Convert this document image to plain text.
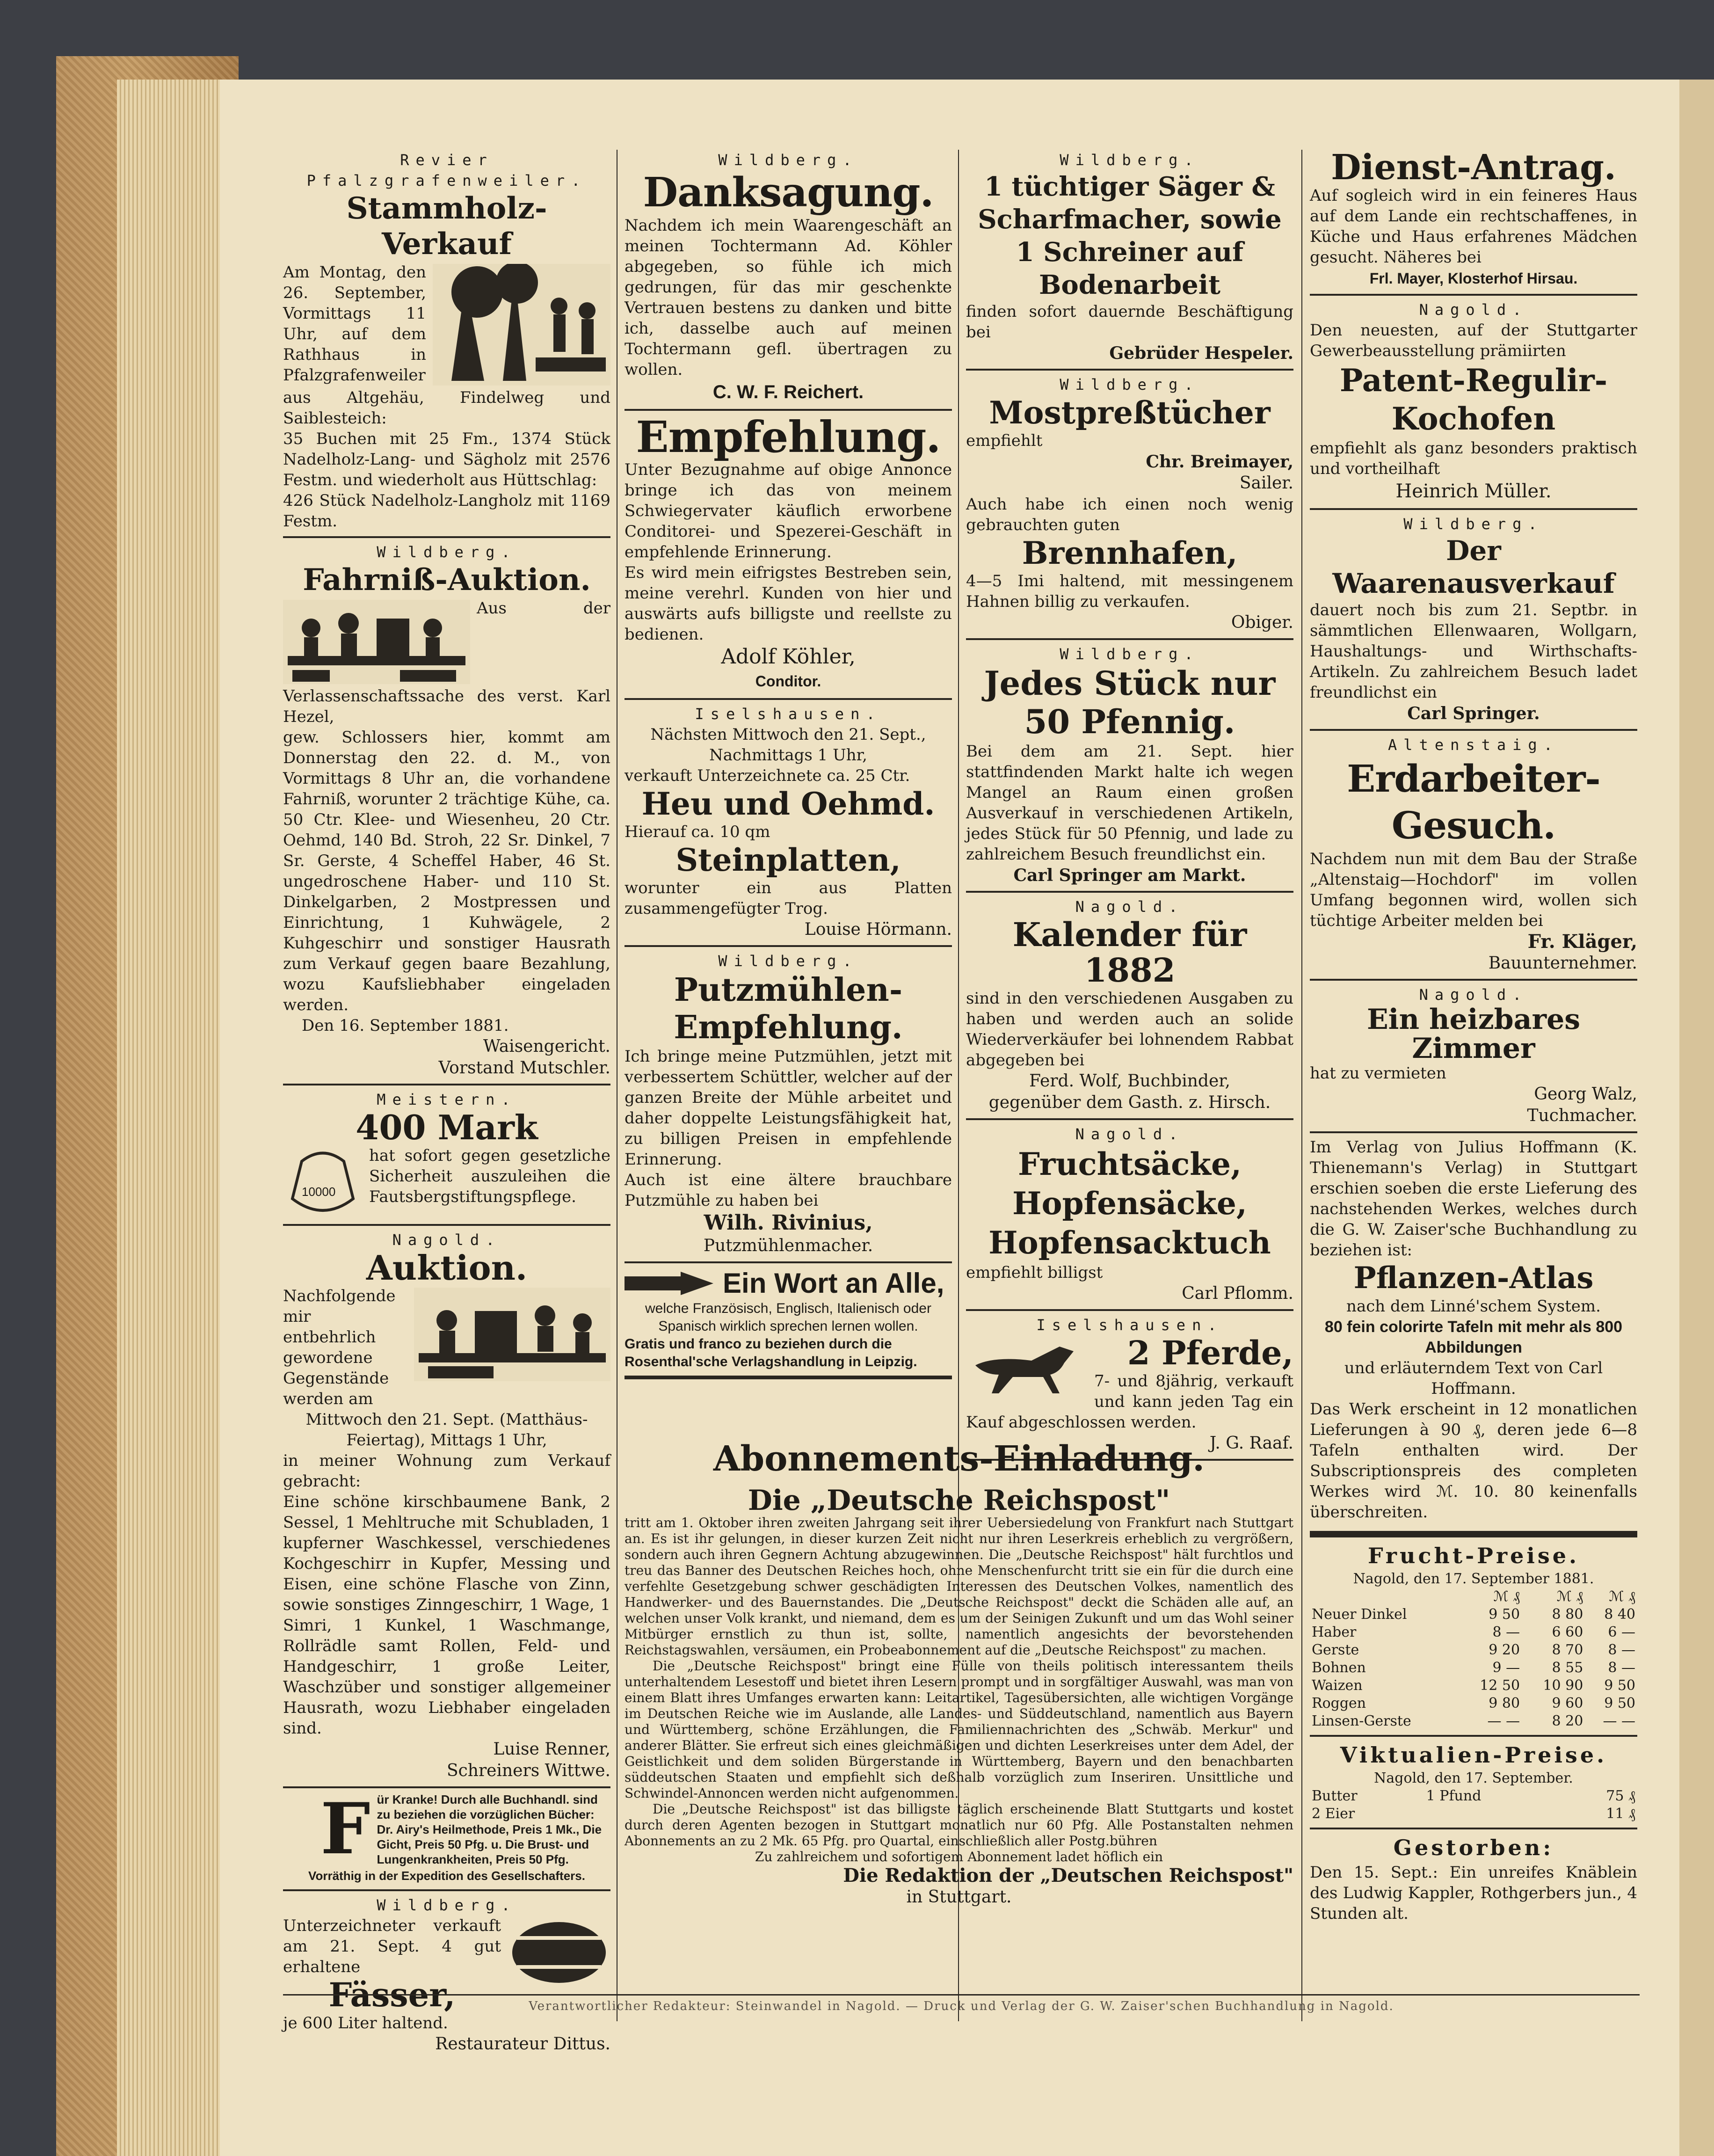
Revier Pfalzgrafenweiler.
Stammholz-Verkauf
Am Montag, den 26. September, Vormittags 11 Uhr, auf dem Rathhaus in Pfalzgrafenweiler
aus Altgehäu, Findelweg und Saiblesteich:
35 Buchen mit 25 Fm., 1374 Stück Nadelholz-Lang- und Sägholz mit 2576 Festm. und wiederholt aus Hüttschlag:
426 Stück Nadelholz-Langholz mit 1169 Festm.
Wildberg.
Fahrniß-Auktion.
Aus der Verlassenschaftssache des verst. Karl Hezel,
gew. Schlossers hier, kommt am Donnerstag den 22. d. M., von Vormittags 8 Uhr an, die vorhandene Fahrniß, worunter 2 trächtige Kühe, ca. 50 Ctr. Klee- und Wiesenheu, 20 Ctr. Oehmd, 140 Bd. Stroh, 22 Sr. Dinkel, 7 Sr. Gerste, 4 Scheffel Haber, 46 St. ungedroschene Haber- und 110 St. Dinkelgarben, 2 Mostpressen und Einrichtung, 1 Kuhwägele, 2 Kuhgeschirr und sonstiger Hausrath zum Verkauf gegen baare Bezahlung, wozu Kaufsliebhaber eingeladen werden.
Den 16. September 1881.
Waisengericht.
Vorstand Mutschler.
Meistern.
400 Mark
10000
hat sofort gegen gesetzliche Sicherheit auszuleihen die Fautsbergstiftungspflege.
Nagold.
Auktion.
Nachfolgende mir entbehrlich gewordene Gegenstände werden am
Mittwoch den 21. Sept. (Matthäus-Feiertag), Mittags 1 Uhr,
in meiner Wohnung zum Verkauf gebracht:
Eine schöne kirschbaumene Bank, 2 Sessel, 1 Mehltruche mit Schubladen, 1 kupferner Waschkessel, verschiedenes Kochgeschirr in Kupfer, Messing und Eisen, eine schöne Flasche von Zinn, sowie sonstiges Zinngeschirr, 1 Wage, 1 Simri, 1 Kunkel, 1 Waschmange, Rollrädle samt Rollen, Feld- und Handgeschirr, 1 große Leiter, Waschzüber und sonstiger allgemeiner Hausrath, wozu Liebhaber eingeladen sind.
Luise Renner,
Schreiners Wittwe.
F ür Kranke! Durch alle Buchhandl. sind zu beziehen die vorzüglichen Bücher: Dr. Airy's Heilmethode, Preis 1 Mk., Die Gicht, Preis 50 Pfg. u. Die Brust- und Lungenkrankheiten, Preis 50 Pfg.
Vorräthig in der Expedition des Gesellschafters.
Wildberg.
Unterzeichneter verkauft am 21. Sept. 4 gut erhaltene
Fässer,
je 600 Liter haltend.
Restaurateur Dittus.
Wildberg.
Danksagung.
Nachdem ich mein Waarengeschäft an meinen Tochtermann Ad. Köhler abgegeben, so fühle ich mich gedrungen, für das mir geschenkte Vertrauen bestens zu danken und bitte ich, dasselbe auch auf meinen Tochtermann gefl. übertragen zu wollen.
C. W. F. Reichert.
Empfehlung.
Unter Bezugnahme auf obige Annonce bringe ich das von meinem Schwiegervater käuflich erworbene Conditorei- und Spezerei-Geschäft in empfehlende Erinnerung.
Es wird mein eifrigstes Bestreben sein, meine verehrl. Kunden von hier und auswärts aufs billigste und reellste zu bedienen.
Adolf Köhler,
Conditor.
Iselshausen.
Nächsten Mittwoch den 21. Sept., Nachmittags 1 Uhr,
verkauft Unterzeichnete ca. 25 Ctr.
Heu und Oehmd.
Hierauf ca. 10 qm
Steinplatten,
worunter ein aus Platten zusammengefügter Trog.
Louise Hörmann.
Wildberg.
Putzmühlen-Empfehlung.
Ich bringe meine Putzmühlen, jetzt mit verbessertem Schüttler, welcher auf der ganzen Breite der Mühle arbeitet und daher doppelte Leistungsfähigkeit hat, zu billigen Preisen in empfehlende Erinnerung.
Auch ist eine ältere brauchbare Putzmühle zu haben bei
Wilh. Rivinius,
Putzmühlenmacher.
Ein Wort an Alle,
welche Französisch, Englisch, Italienisch oder Spanisch wirklich sprechen lernen wollen.
Gratis und franco zu beziehen durch die Rosenthal'sche Verlagshandlung in Leipzig.
Wildberg.
1 tüchtiger Säger & Scharfmacher, sowie 1 Schreiner auf Bodenarbeit
finden sofort dauernde Beschäftigung bei
Gebrüder Hespeler.
Wildberg.
Mostpreßtücher
empfiehlt
Chr. Breimayer,
Sailer.
Auch habe ich einen noch wenig gebrauchten guten
Brennhafen,
4—5 Imi haltend, mit messingenem Hahnen billig zu verkaufen.
Obiger.
Wildberg.
Jedes Stück nur 50 Pfennig.
Bei dem am 21. Sept. hier stattfindenden Markt halte ich wegen Mangel an Raum einen großen Ausverkauf in verschiedenen Artikeln, jedes Stück für 50 Pfennig, und lade zu zahlreichem Besuch freundlichst ein.
Carl Springer am Markt.
Nagold.
Kalender für 1882
sind in den verschiedenen Ausgaben zu haben und werden auch an solide Wiederverkäufer bei lohnendem Rabbat abgegeben bei
Ferd. Wolf, Buchbinder,
gegenüber dem Gasth. z. Hirsch.
Nagold.
Fruchtsäcke, Hopfensäcke, Hopfensacktuch
empfiehlt billigst
Carl Pflomm.
Iselshausen.
2 Pferde,
7- und 8jährig, verkauft und kann jeden Tag ein Kauf abgeschlossen werden.
J. G. Raaf.
Dienst-Antrag.
Auf sogleich wird in ein feineres Haus auf dem Lande ein rechtschaffenes, in Küche und Haus erfahrenes Mädchen gesucht. Näheres bei
Frl. Mayer, Klosterhof Hirsau.
Nagold.
Den neuesten, auf der Stuttgarter Gewerbeausstellung prämiirten
Patent-Regulir-Kochofen
empfiehlt als ganz besonders praktisch und vortheilhaft
Heinrich Müller.
Wildberg.
Der Waarenausverkauf
dauert noch bis zum 21. Septbr. in sämmtlichen Ellenwaaren, Wollgarn, Haushaltungs- und Wirthschafts-Artikeln. Zu zahlreichem Besuch ladet freundlichst ein
Carl Springer.
Altenstaig.
Erdarbeiter-Gesuch.
Nachdem nun mit dem Bau der Straße „Altenstaig—Hochdorf" im vollen Umfang begonnen wird, wollen sich tüchtige Arbeiter melden bei
Fr. Kläger,
Bauunternehmer.
Nagold.
Ein heizbares Zimmer
hat zu vermieten
Georg Walz,
Tuchmacher.
Im Verlag von Julius Hoffmann (K. Thienemann's Verlag) in Stuttgart erschien soeben die erste Lieferung des nachstehenden Werkes, welches durch die G. W. Zaiser'sche Buchhandlung zu beziehen ist:
Pflanzen-Atlas
nach dem Linné'schem System.
80 fein colorirte Tafeln mit mehr als 800 Abbildungen
und erläuterndem Text von Carl Hoffmann.
Das Werk erscheint in 12 monatlichen Lieferungen à 90 ₰, deren jede 6—8 Tafeln enthalten wird. Der Subscriptionspreis des completen Werkes wird ℳ. 10. 80 keinenfalls überschreiten.
Frucht-Preise.
Nagold, den 17. September 1881.
	ℳ ₰	ℳ ₰	ℳ ₰
Neuer Dinkel	9 50	8 80	8 40
Haber	8 —	6 60	6 —
Gerste	9 20	8 70	8 —
Bohnen	9 —	8 55	8 —
Waizen	12 50	10 90	9 50
Roggen	9 80	9 60	9 50
Linsen-Gerste	— —	8 20	— —
Viktualien-Preise.
Nagold, den 17. September.
Butter	1 Pfund	75 ₰
2 Eier		11 ₰
Gestorben:
Den 15. Sept.: Ein unreifes Knäblein des Ludwig Kappler, Rothgerbers jun., 4 Stunden alt.
Abonnements-Einladung.
Die „Deutsche Reichspost"
tritt am 1. Oktober ihren zweiten Jahrgang seit ihrer Uebersiedelung von Frankfurt nach Stuttgart an. Es ist ihr gelungen, in dieser kurzen Zeit nicht nur ihren Leserkreis erheblich zu vergrößern, sondern auch ihren Gegnern Achtung abzugewinnen. Die „Deutsche Reichspost" hält furchtlos und treu das Banner des Deutschen Reiches hoch, ohne Menschenfurcht tritt sie ein für die durch eine verfehlte Gesetzgebung schwer geschädigten Interessen des Deutschen Volkes, namentlich des Handwerker- und des Bauernstandes. Die „Deutsche Reichspost" deckt die Schäden alle auf, an welchen unser Volk krankt, und niemand, dem es um der Seinigen Zukunft und um das Wohl seiner Mitbürger ernstlich zu thun ist, sollte, namentlich angesichts der bevorstehenden Reichstagswahlen, versäumen, ein Probeabonnement auf die „Deutsche Reichspost" zu machen.
Die „Deutsche Reichspost" bringt eine Fülle von theils politisch interessantem theils unterhaltendem Lesestoff und bietet ihren Lesern prompt und in sorgfältiger Auswahl, was man von einem Blatt ihres Umfanges erwarten kann: Leitartikel, Tagesübersichten, alle wichtigen Vorgänge im Deutschen Reiche wie im Auslande, alle Landes- und Süddeutschland, namentlich aus Bayern und Württemberg, schöne Erzählungen, die Familiennachrichten des „Schwäb. Merkur" und anderer Blätter. Sie erfreut sich eines gleichmäßigen und dichten Leserkreises unter dem Adel, der Geistlichkeit und dem soliden Bürgerstande in Württemberg, Bayern und den benachbarten süddeutschen Staaten und empfiehlt sich deßhalb vorzüglich zum Inseriren. Unsittliche und Schwindel-Annoncen werden nicht aufgenommen.
Die „Deutsche Reichspost" ist das billigste täglich erscheinende Blatt Stuttgarts und kostet durch deren Agenten bezogen in Stuttgart monatlich nur 60 Pfg. Alle Postanstalten nehmen Abonnements an zu 2 Mk. 65 Pfg. pro Quartal, einschließlich aller Postg.bühren
Zu zahlreichem und sofortigem Abonnement ladet höflich ein
Die Redaktion der „Deutschen Reichspost"
in Stuttgart.
Verantwortlicher Redakteur: Steinwandel in Nagold. — Druck und Verlag der G. W. Zaiser'schen Buchhandlung in Nagold.
